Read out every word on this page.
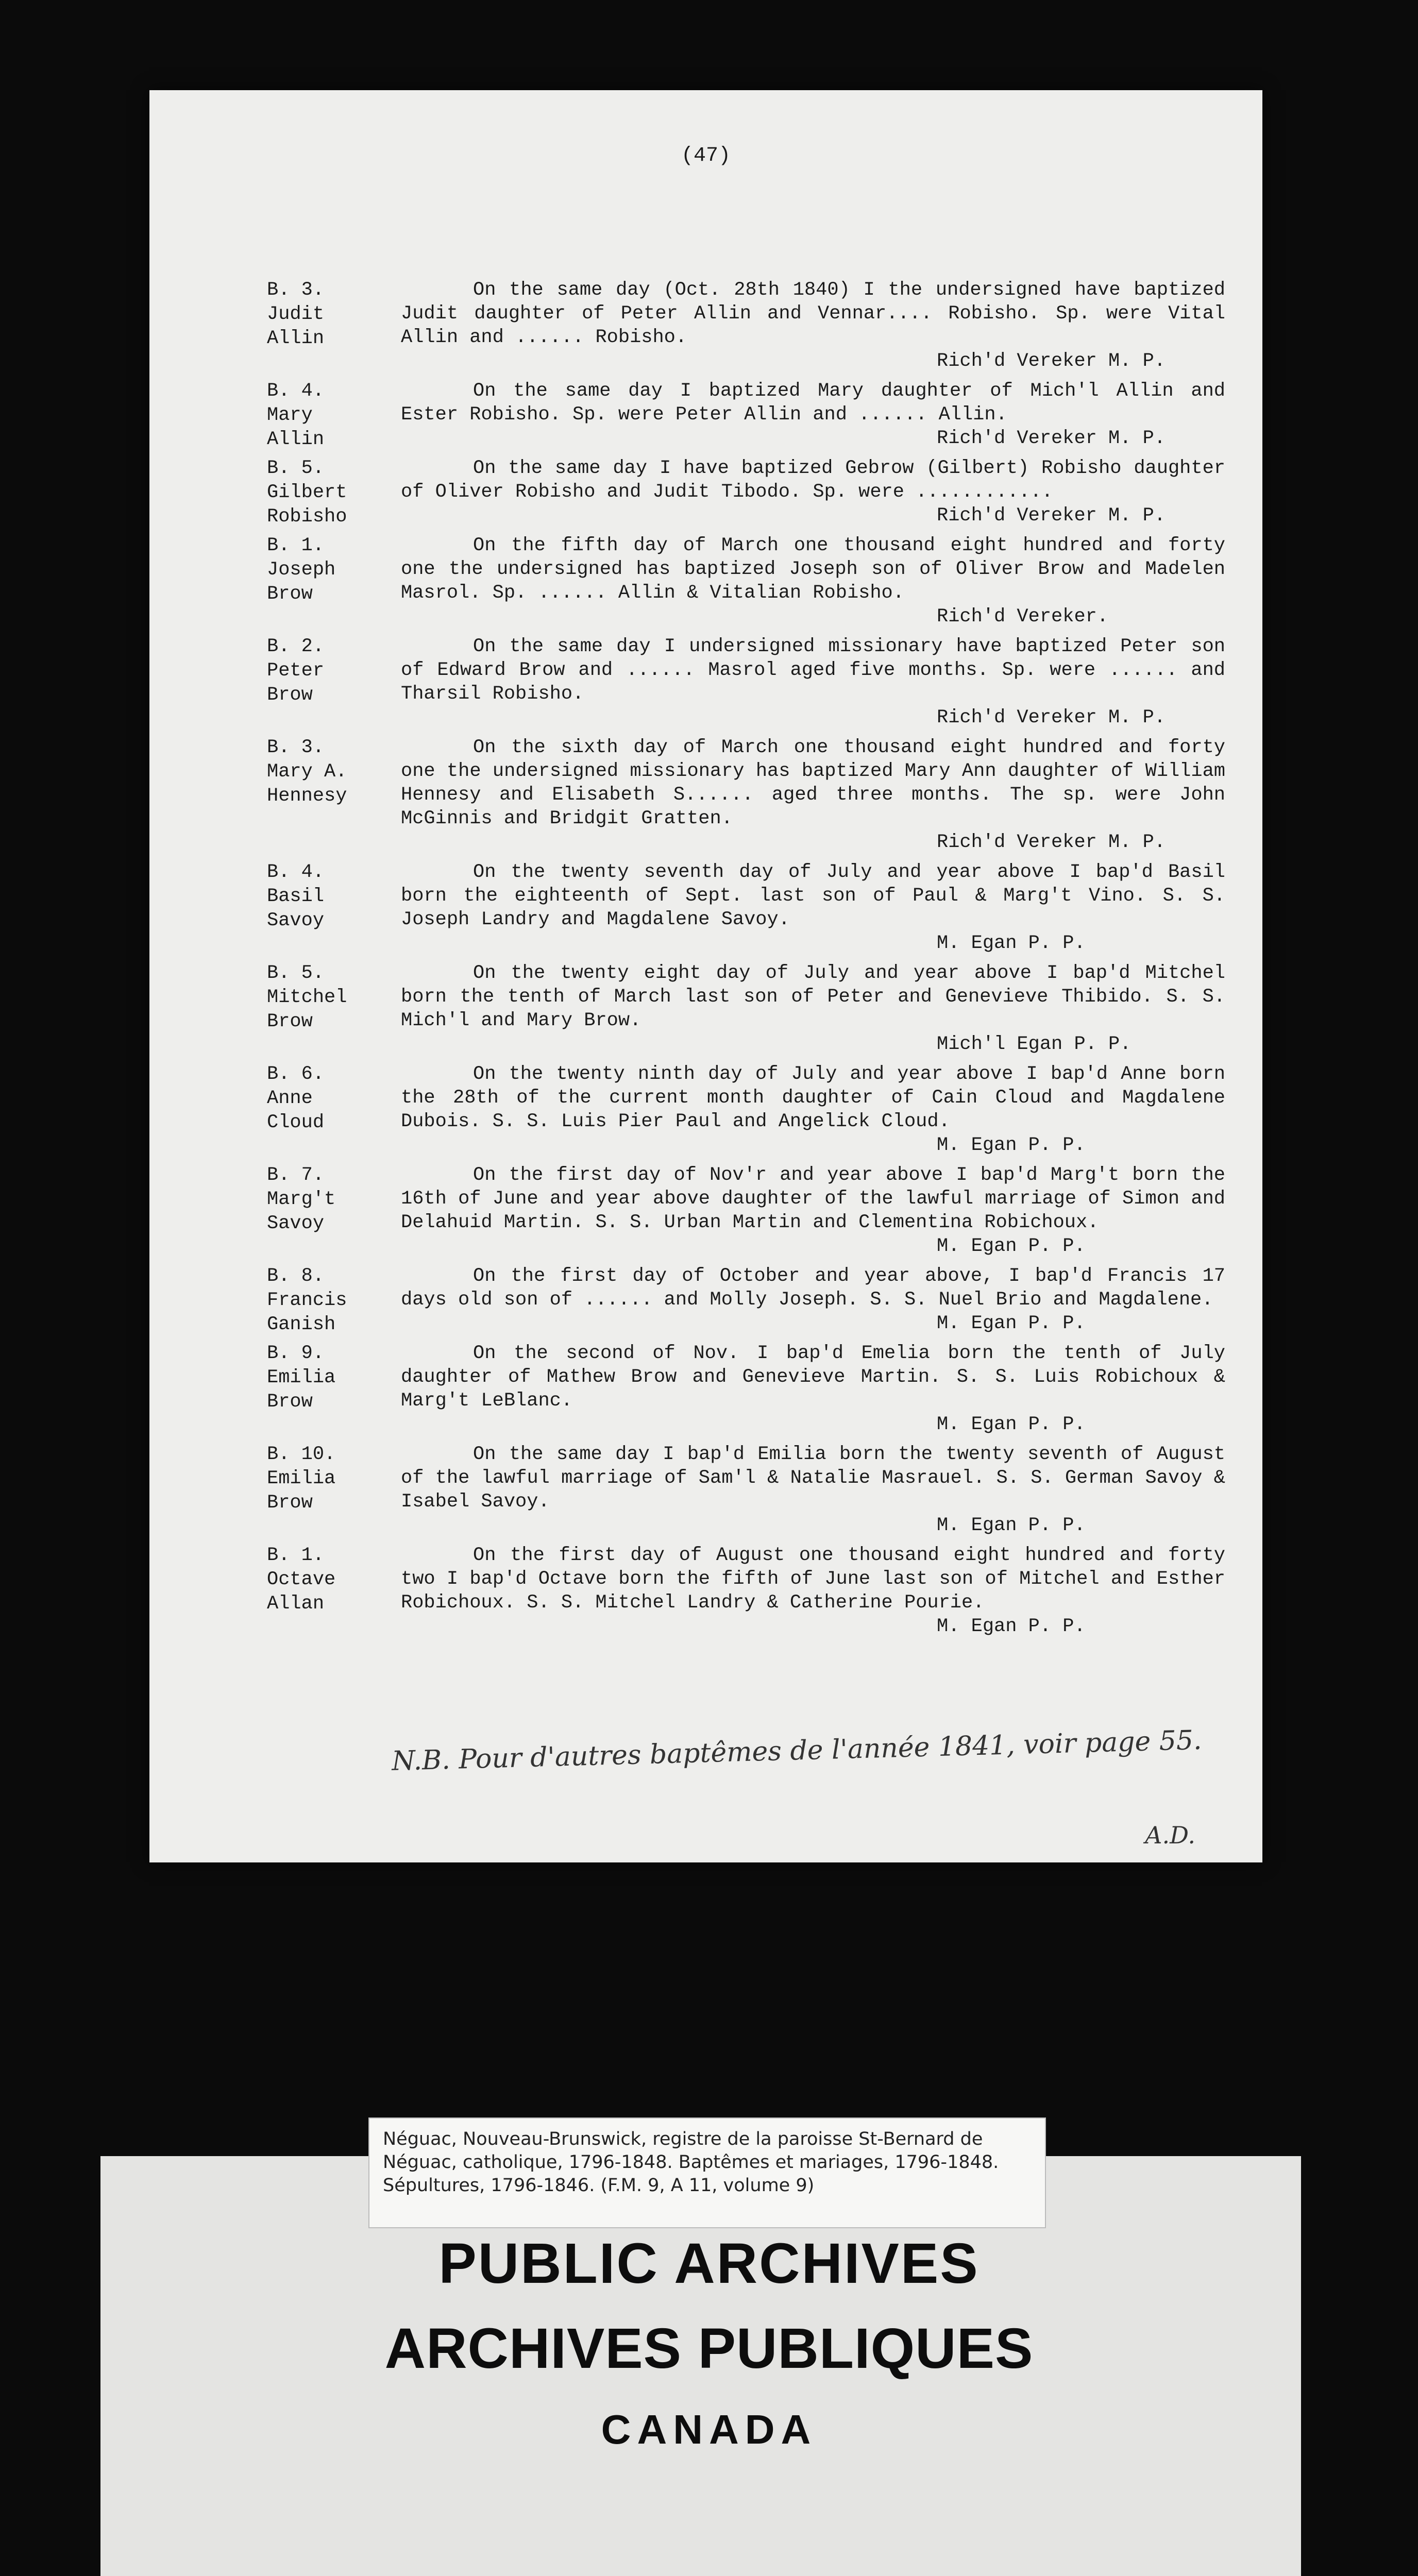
(47)
B. 3.
Judit
Allin
On the same day (Oct. 28th 1840) I the undersigned have baptized Judit daughter of Peter Allin and Vennar.... Robisho. Sp. were Vital Allin and ...... Robisho.
Rich'd Vereker M. P.
B. 4.
Mary
Allin
On the same day I baptized Mary daughter of Mich'l Allin and Ester Robisho. Sp. were Peter Allin and ...... Allin.
Rich'd Vereker M. P.
B. 5.
Gilbert
Robisho
On the same day I have baptized Gebrow (Gilbert) Robisho daughter of Oliver Robisho and Judit Tibodo. Sp. were ............
Rich'd Vereker M. P.
B. 1.
Joseph
Brow
On the fifth day of March one thousand eight hundred and forty one the undersigned has baptized Joseph son of Oliver Brow and Madelen Masrol. Sp. ...... Allin & Vitalian Robisho.
Rich'd Vereker.
B. 2.
Peter
Brow
On the same day I undersigned missionary have baptized Peter son of Edward Brow and ...... Masrol aged five months. Sp. were ...... and Tharsil Robisho.
Rich'd Vereker M. P.
B. 3.
Mary A.
Hennesy
On the sixth day of March one thousand eight hundred and forty one the undersigned missionary has baptized Mary Ann daughter of William Hennesy and Elisabeth S...... aged three months. The sp. were John McGinnis and Bridgit Gratten.
Rich'd Vereker M. P.
B. 4.
Basil
Savoy
On the twenty seventh day of July and year above I bap'd Basil born the eighteenth of Sept. last son of Paul & Marg't Vino. S. S. Joseph Landry and Magdalene Savoy.
M. Egan P. P.
B. 5.
Mitchel
Brow
On the twenty eight day of July and year above I bap'd Mitchel born the tenth of March last son of Peter and Genevieve Thibido. S. S. Mich'l and Mary Brow.
Mich'l Egan P. P.
B. 6.
Anne
Cloud
On the twenty ninth day of July and year above I bap'd Anne born the 28th of the current month daughter of Cain Cloud and Magdalene Dubois. S. S. Luis Pier Paul and Angelick Cloud.
M. Egan P. P.
B. 7.
Marg't
Savoy
On the first day of Nov'r and year above I bap'd Marg't born the 16th of June and year above daughter of the lawful marriage of Simon and Delahuid Martin. S. S. Urban Martin and Clementina Robichoux.
M. Egan P. P.
B. 8.
Francis
Ganish
On the first day of October and year above, I bap'd Francis 17 days old son of ...... and Molly Joseph. S. S. Nuel Brio and Magdalene.
M. Egan P. P.
B. 9.
Emilia
Brow
On the second of Nov. I bap'd Emelia born the tenth of July daughter of Mathew Brow and Genevieve Martin. S. S. Luis Robichoux & Marg't LeBlanc.
M. Egan P. P.
B. 10.
Emilia
Brow
On the same day I bap'd Emilia born the twenty seventh of August of the lawful marriage of Sam'l & Natalie Masrauel. S. S. German Savoy & Isabel Savoy.
M. Egan P. P.
B. 1.
Octave
Allan
On the first day of August one thousand eight hundred and forty two I bap'd Octave born the fifth of June last son of Mitchel and Esther Robichoux. S. S. Mitchel Landry & Catherine Pourie.
M. Egan P. P.
N.B. Pour d'autres baptêmes de l'année 1841, voir page 55.
A.D.
Néguac, Nouveau-Brunswick, registre de la paroisse St-Bernard de Néguac, catholique, 1796-1848. Baptêmes et mariages, 1796-1848. Sépultures, 1796-1846. (F.M. 9, A 11, volume 9)
PUBLIC ARCHIVES
ARCHIVES PUBLIQUES
CANADA
